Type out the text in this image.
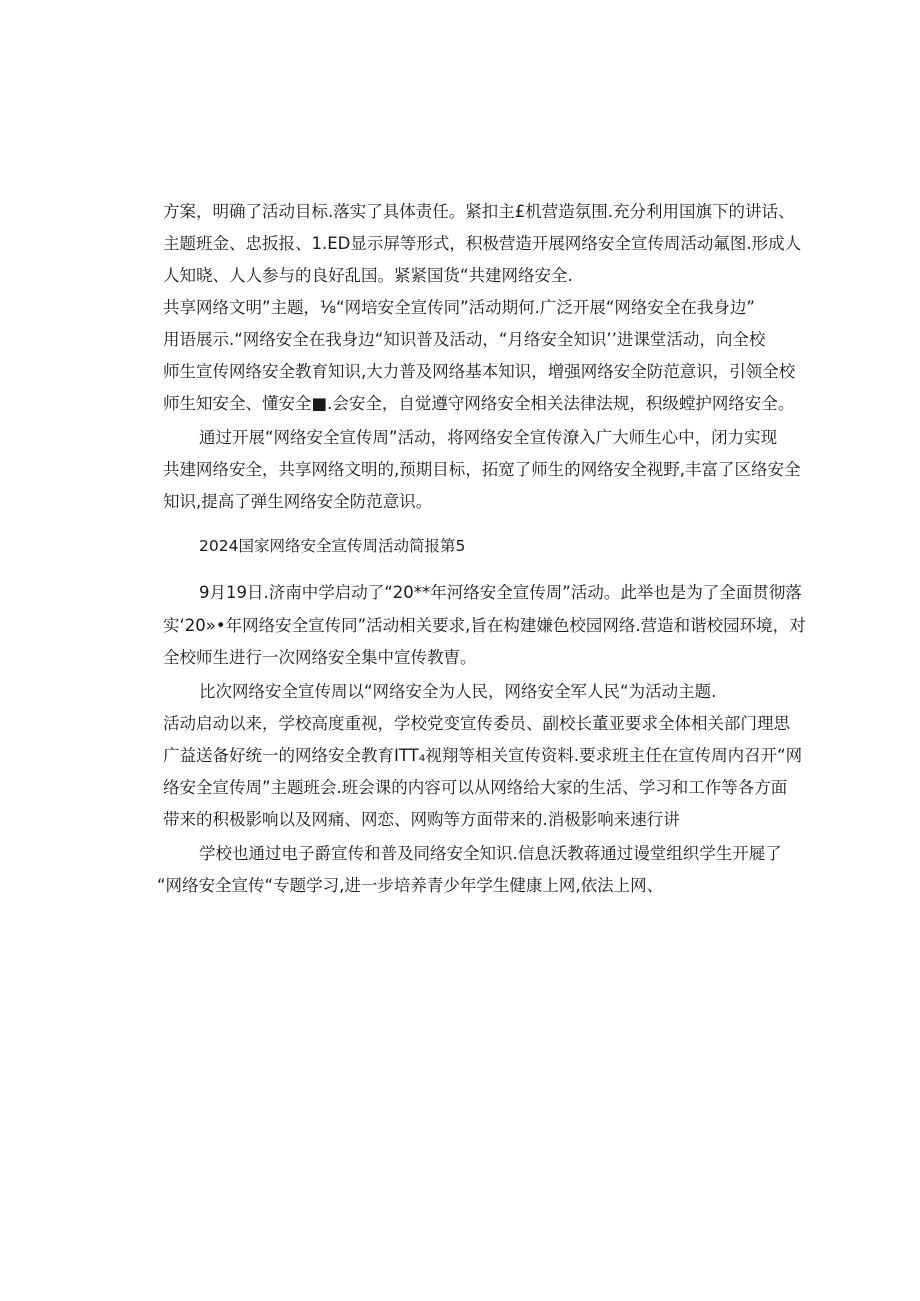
方案，明确了活动目标.落实了具体责任。紧扣主£机营造氛围.充分利用国旗下的讲话、
主题班金、忠扳报、1.ED显示屏等形式，积极营造开展网络安全宣传周活动氟图.形成人
人知晓、人人参与的良好乱国。紧紧国货“共建网络安全.
共享网络文明”主题，⅛“网培安全宣传同”活动期何.广泛开展“网络安全在我身边”
用语展示.“网络安全在我身边“知识普及活动，“月络安全知识’’进课堂活动，向全校
师生宣传网络安全教育知识,大力普及网络基本知识，增强网络安全防范意识，引领全校
师生知安全、懂安全■.会安全，自觉遵守网络安全相关法律法规，积级螳护网络安全。
通过开展“网络安全宣传周”活动，将网络安全宣传潦入广大师生心中，闭力实现
共建网络安全，共享网络文明的,预期目标，拓宽了师生的网络安全视野,丰富了区络安全
知识,提高了弹生网络安全防范意识。
2024国家网络安全宣传周活动简报第5
9月19日.济南中学启动了“20**年河络安全宣传周”活动。此举也是为了全面贯彻落
实‘20»•年网络安全宣传同”活动相关要求,旨在构建嫌色校园网络.营造和谐校园环境，对
全校师生进行一次网络安全集中宣传教曺。
比次网络安全宣传周以“网络安全为人民，网络安全军人民“为活动主题.
活动启动以来，学校高度重视，学校党变宣传委员、副校长董亚要求全体相关部门理思
广益送备好统一的网络安全教育ITT₄视翔等相关宣传资料.要求班主任在宣传周内召开“网
络安全宣传周”主题班会.班会课的内容可以从网络给大家的生活、学习和工作等各方面
带来的积极影响以及网痛、网恋、网购等方面带来的.消极影响来速行讲
学校也通过电子爵宣传和普及同络安全知识.信息沃教蒋通过谩堂组织学生开屣了
“网络安全宣传“专题学习,进一步培养青少年学生健康上网,依法上网、
